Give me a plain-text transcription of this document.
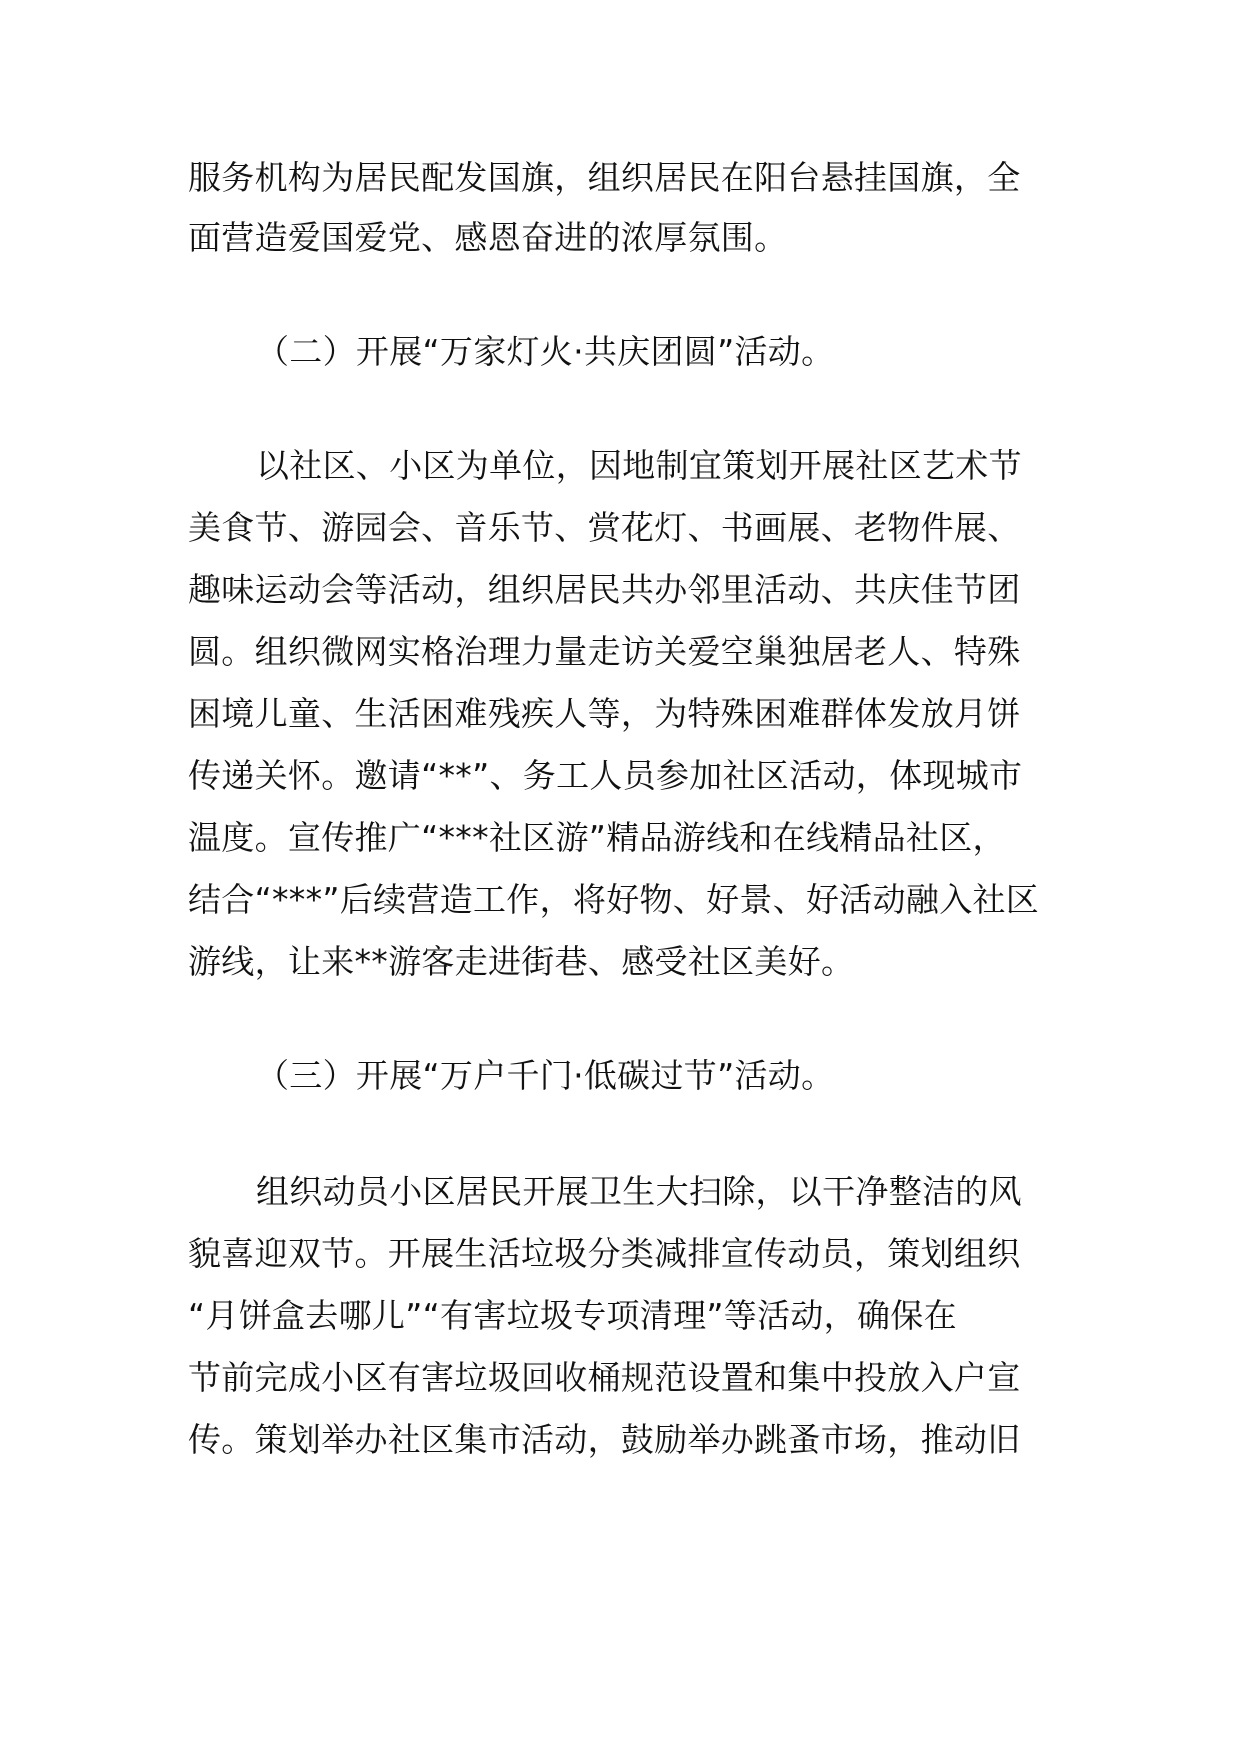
服务机构为居民配发国旗，组织居民在阳台悬挂国旗，全
面营造爱国爱党、感恩奋进的浓厚氛围。
（二）开展“万家灯火·共庆团圆”活动。
以社区、小区为单位，因地制宜策划开展社区艺术节
美食节、游园会、音乐节、赏花灯、书画展、老物件展、
趣味运动会等活动，组织居民共办邻里活动、共庆佳节团
圆。组织微网实格治理力量走访关爱空巢独居老人、特殊
困境儿童、生活困难残疾人等，为特殊困难群体发放月饼
传递关怀。邀请“**”、务工人员参加社区活动，体现城市
温度。宣传推广“***社区游”精品游线和在线精品社区，
结合“***”后续营造工作，将好物、好景、好活动融入社区
游线，让来**游客走进街巷、感受社区美好。
（三）开展“万户千门·低碳过节”活动。
组织动员小区居民开展卫生大扫除，以干净整洁的风
貌喜迎双节。开展生活垃圾分类减排宣传动员，策划组织
“月饼盒去哪儿”“有害垃圾专项清理”等活动，确保在
节前完成小区有害垃圾回收桶规范设置和集中投放入户宣
传。策划举办社区集市活动，鼓励举办跳蚤市场，推动旧
